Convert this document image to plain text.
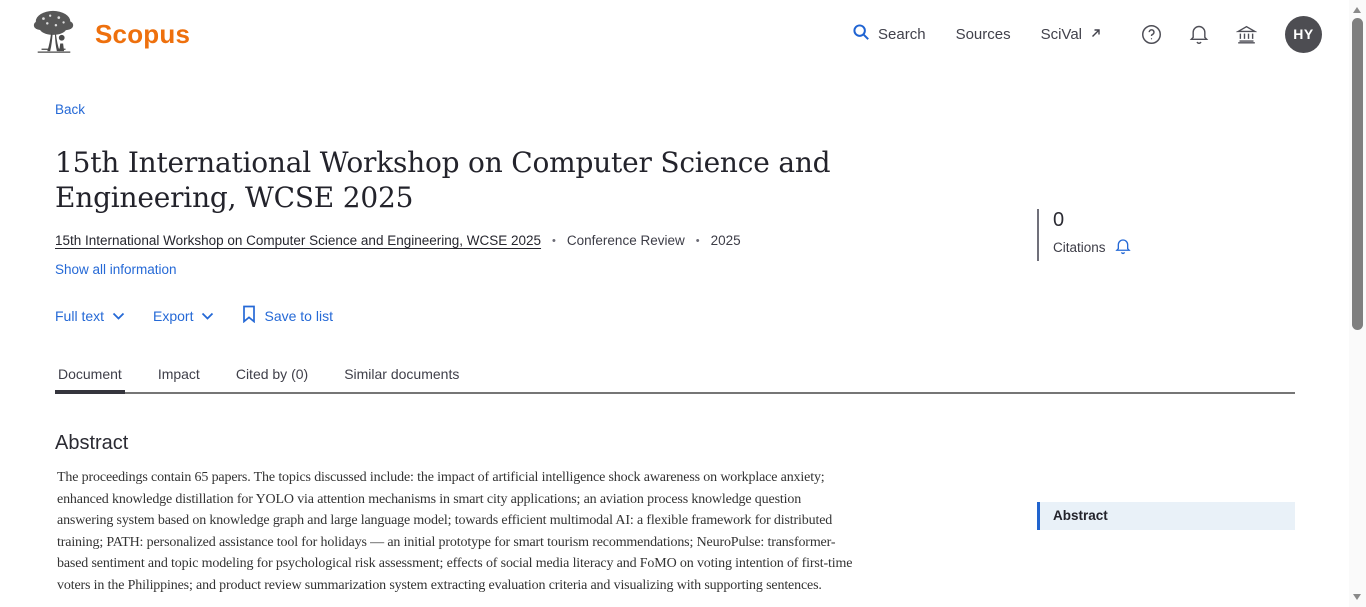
Scopus	Search Sources SciVal	HY
Back
15th International Workshop on Computer Science and Engineering, WCSE 2025
15th International Workshop on Computer Science and Engineering, WCSE 2025 • Conference Review • 2025
Show all information
Full text	Export	Save to list
Document	Impact	Cited by (0)	Similar documents
Abstract

The proceedings contain 65 papers. The topics discussed include: the impact of artificial intelligence shock awareness on workplace anxiety; enhanced knowledge distillation for YOLO via attention mechanisms in smart city applications; an aviation process knowledge question answering system based on knowledge graph and large language model; towards efficient multimodal AI: a flexible framework for distributed training; PATH: personalized assistance tool for holidays — an initial prototype for smart tourism recommendations; NeuroPulse: transformer-based sentiment and topic modeling for psychological risk assessment; effects of social media literacy and FoMO on voting intention of first-time voters in the Philippines; and product review summarization system extracting evaluation criteria and visualizing with supporting sentences.

0
Citations
Abstract
